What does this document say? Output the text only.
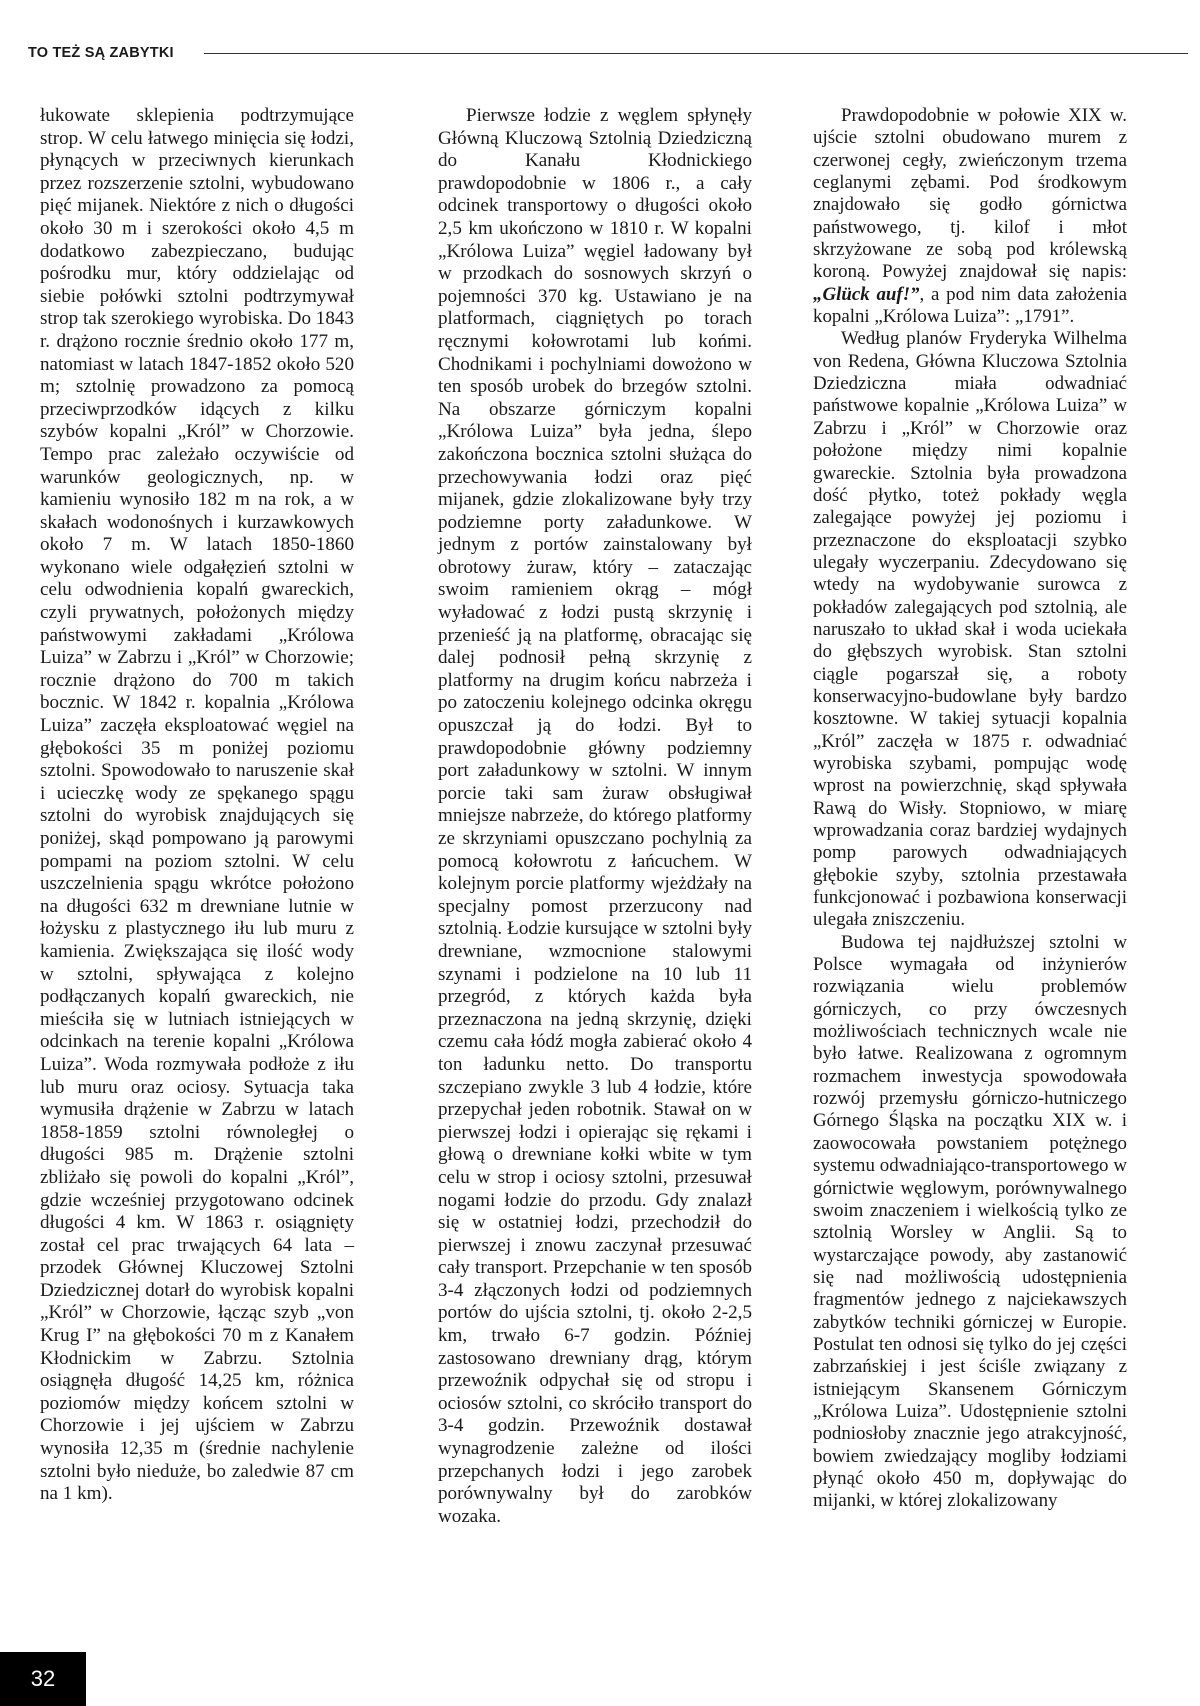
TO TEŻ SĄ ZABYTKI

łukowate sklepienia podtrzymujące strop. W celu łatwego minięcia się łodzi, płynących w przeciwnych kierunkach przez rozszerzenie sztolni, wybudowano pięć mijanek. Niektóre z nich o długości około 30 m i szerokości około 4,5 m dodatkowo zabezpieczano, budując pośrodku mur, który oddzielając od siebie połówki sztolni podtrzymywał strop tak szerokiego wyrobiska. Do 1843 r. drążono rocznie średnio około 177 m, natomiast w latach 1847-1852 około 520 m; sztolnię prowadzono za pomocą przeciwprzodków idących z kilku szybów kopalni „Król” w Chorzowie. Tempo prac zależało oczywiście od warunków geologicznych, np. w kamieniu wynosiło 182 m na rok, a w skałach wodonośnych i kurzawkowych około 7 m. W latach 1850-1860 wykonano wiele odgałęzień sztolni w celu odwodnienia kopalń gwareckich, czyli prywatnych, położonych między państwowymi zakładami „Królowa Luiza” w Zabrzu i „Król” w Chorzowie; rocznie drążono do 700 m takich bocznic. W 1842 r. kopalnia „Królowa Luiza” zaczęła eksploatować węgiel na głębokości 35 m poniżej poziomu sztolni. Spowodowało to naruszenie skał i ucieczkę wody ze spękanego spągu sztolni do wyrobisk znajdujących się poniżej, skąd pompowano ją parowymi pompami na poziom sztolni. W celu uszczelnienia spągu wkrótce położono na długości 632 m drewniane lutnie w łożysku z plastycznego iłu lub muru z kamienia. Zwiększająca się ilość wody w sztolni, spływająca z kolejno podłączanych kopalń gwareckich, nie mieściła się w lutniach istniejących w odcinkach na terenie kopalni „Królowa Luiza”. Woda rozmywała podłoże z iłu lub muru oraz ociosy. Sytuacja taka wymusiła drążenie w Zabrzu w latach 1858-1859 sztolni równoległej o długości 985 m. Drążenie sztolni zbliżało się powoli do kopalni „Król”, gdzie wcześniej przygotowano odcinek długości 4 km. W 1863 r. osiągnięty został cel prac trwających 64 lata – przodek Głównej Kluczowej Sztolni Dziedzicznej dotarł do wyrobisk kopalni „Król” w Chorzowie, łącząc szyb „von Krug I” na głębokości 70 m z Kanałem Kłodnickim w Zabrzu. Sztolnia osiągnęła długość 14,25 km, różnica poziomów między końcem sztolni w Chorzowie i jej ujściem w Zabrzu wynosiła 12,35 m (średnie nachylenie sztolni było nieduże, bo zaledwie 87 cm na 1 km).

Pierwsze łodzie z węglem spłynęły Główną Kluczową Sztolnią Dziedziczną do Kanału Kłodnickiego prawdopodobnie w 1806 r., a cały odcinek transportowy o długości około 2,5 km ukończono w 1810 r. W kopalni „Królowa Luiza” węgiel ładowany był w przodkach do sosnowych skrzyń o pojemności 370 kg. Ustawiano je na platformach, ciągniętych po torach ręcznymi kołowrotami lub końmi. Chodnikami i pochylniami dowożono w ten sposób urobek do brzegów sztolni. Na obszarze górniczym kopalni „Królowa Luiza” była jedna, ślepo zakończona bocznica sztolni służąca do przechowywania łodzi oraz pięć mijanek, gdzie zlokalizowane były trzy podziemne porty załadunkowe. W jednym z portów zainstalowany był obrotowy żuraw, który – zataczając swoim ramieniem okrąg – mógł wyładować z łodzi pustą skrzynię i przenieść ją na platformę, obracając się dalej podnosił pełną skrzynię z platformy na drugim końcu nabrzeża i po zatoczeniu kolejnego odcinka okręgu opuszczał ją do łodzi. Był to prawdopodobnie główny podziemny port załadunkowy w sztolni. W innym porcie taki sam żuraw obsługiwał mniejsze nabrzeże, do którego platformy ze skrzyniami opuszczano pochylnią za pomocą kołowrotu z łańcuchem. W kolejnym porcie platformy wjeżdżały na specjalny pomost przerzucony nad sztolnią. Łodzie kursujące w sztolni były drewniane, wzmocnione stalowymi szynami i podzielone na 10 lub 11 przegród, z których każda była przeznaczona na jedną skrzynię, dzięki czemu cała łódź mogła zabierać około 4 ton ładunku netto. Do transportu szczepiano zwykle 3 lub 4 łodzie, które przepychał jeden robotnik. Stawał on w pierwszej łodzi i opierając się rękami i głową o drewniane kołki wbite w tym celu w strop i ociosy sztolni, przesuwał nogami łodzie do przodu. Gdy znalazł się w ostatniej łodzi, przechodził do pierwszej i znowu zaczynał przesuwać cały transport. Przepchanie w ten sposób 3-4 złączonych łodzi od podziemnych portów do ujścia sztolni, tj. około 2-2,5 km, trwało 6-7 godzin. Później zastosowano drewniany drąg, którym przewoźnik odpychał się od stropu i ociosów sztolni, co skróciło transport do 3-4 godzin. Przewoźnik dostawał wynagrodzenie zależne od ilości przepchanych łodzi i jego zarobek porównywalny był do zarobków wozaka.

Prawdopodobnie w połowie XIX w. ujście sztolni obudowano murem z czerwonej cegły, zwieńczonym trzema ceglanymi zębami. Pod środkowym znajdowało się godło górnictwa państwowego, tj. kilof i młot skrzyżowane ze sobą pod królewską koroną. Powyżej znajdował się napis: „Glück auf!”, a pod nim data założenia kopalni „Królowa Luiza”: „1791”.

Według planów Fryderyka Wilhelma von Redena, Główna Kluczowa Sztolnia Dziedziczna miała odwadniać państwowe kopalnie „Królowa Luiza” w Zabrzu i „Król” w Chorzowie oraz położone między nimi kopalnie gwareckie. Sztolnia była prowadzona dość płytko, toteż pokłady węgla zalegające powyżej jej poziomu i przeznaczone do eksploatacji szybko ulegały wyczerpaniu. Zdecydowano się wtedy na wydobywanie surowca z pokładów zalegających pod sztolnią, ale naruszało to układ skał i woda uciekała do głębszych wyrobisk. Stan sztolni ciągle pogarszał się, a roboty konserwacyjno-budowlane były bardzo kosztowne. W takiej sytuacji kopalnia „Król” zaczęła w 1875 r. odwadniać wyrobiska szybami, pompując wodę wprost na powierzchnię, skąd spływała Rawą do Wisły. Stopniowo, w miarę wprowadzania coraz bardziej wydajnych pomp parowych odwadniających głębokie szyby, sztolnia przestawała funkcjonować i pozbawiona konserwacji ulegała zniszczeniu.

Budowa tej najdłuższej sztolni w Polsce wymagała od inżynierów rozwiązania wielu problemów górniczych, co przy ówczesnych możliwościach technicznych wcale nie było łatwe. Realizowana z ogromnym rozmachem inwestycja spowodowała rozwój przemysłu górniczo-hutniczego Górnego Śląska na początku XIX w. i zaowocowała powstaniem potężnego systemu odwadniająco-transportowego w górnictwie węglowym, porównywalnego swoim znaczeniem i wielkością tylko ze sztolnią Worsley w Anglii. Są to wystarczające powody, aby zastanowić się nad możliwością udostępnienia fragmentów jednego z najciekawszych zabytków techniki górniczej w Europie. Postulat ten odnosi się tylko do jej części zabrzańskiej i jest ściśle związany z istniejącym Skansenem Górniczym „Królowa Luiza”. Udostępnienie sztolni podniosłoby znacznie jego atrakcyjność, bowiem zwiedzający mogliby łodziami płynąć około 450 m, dopływając do mijanki, w której zlokalizowany

32
